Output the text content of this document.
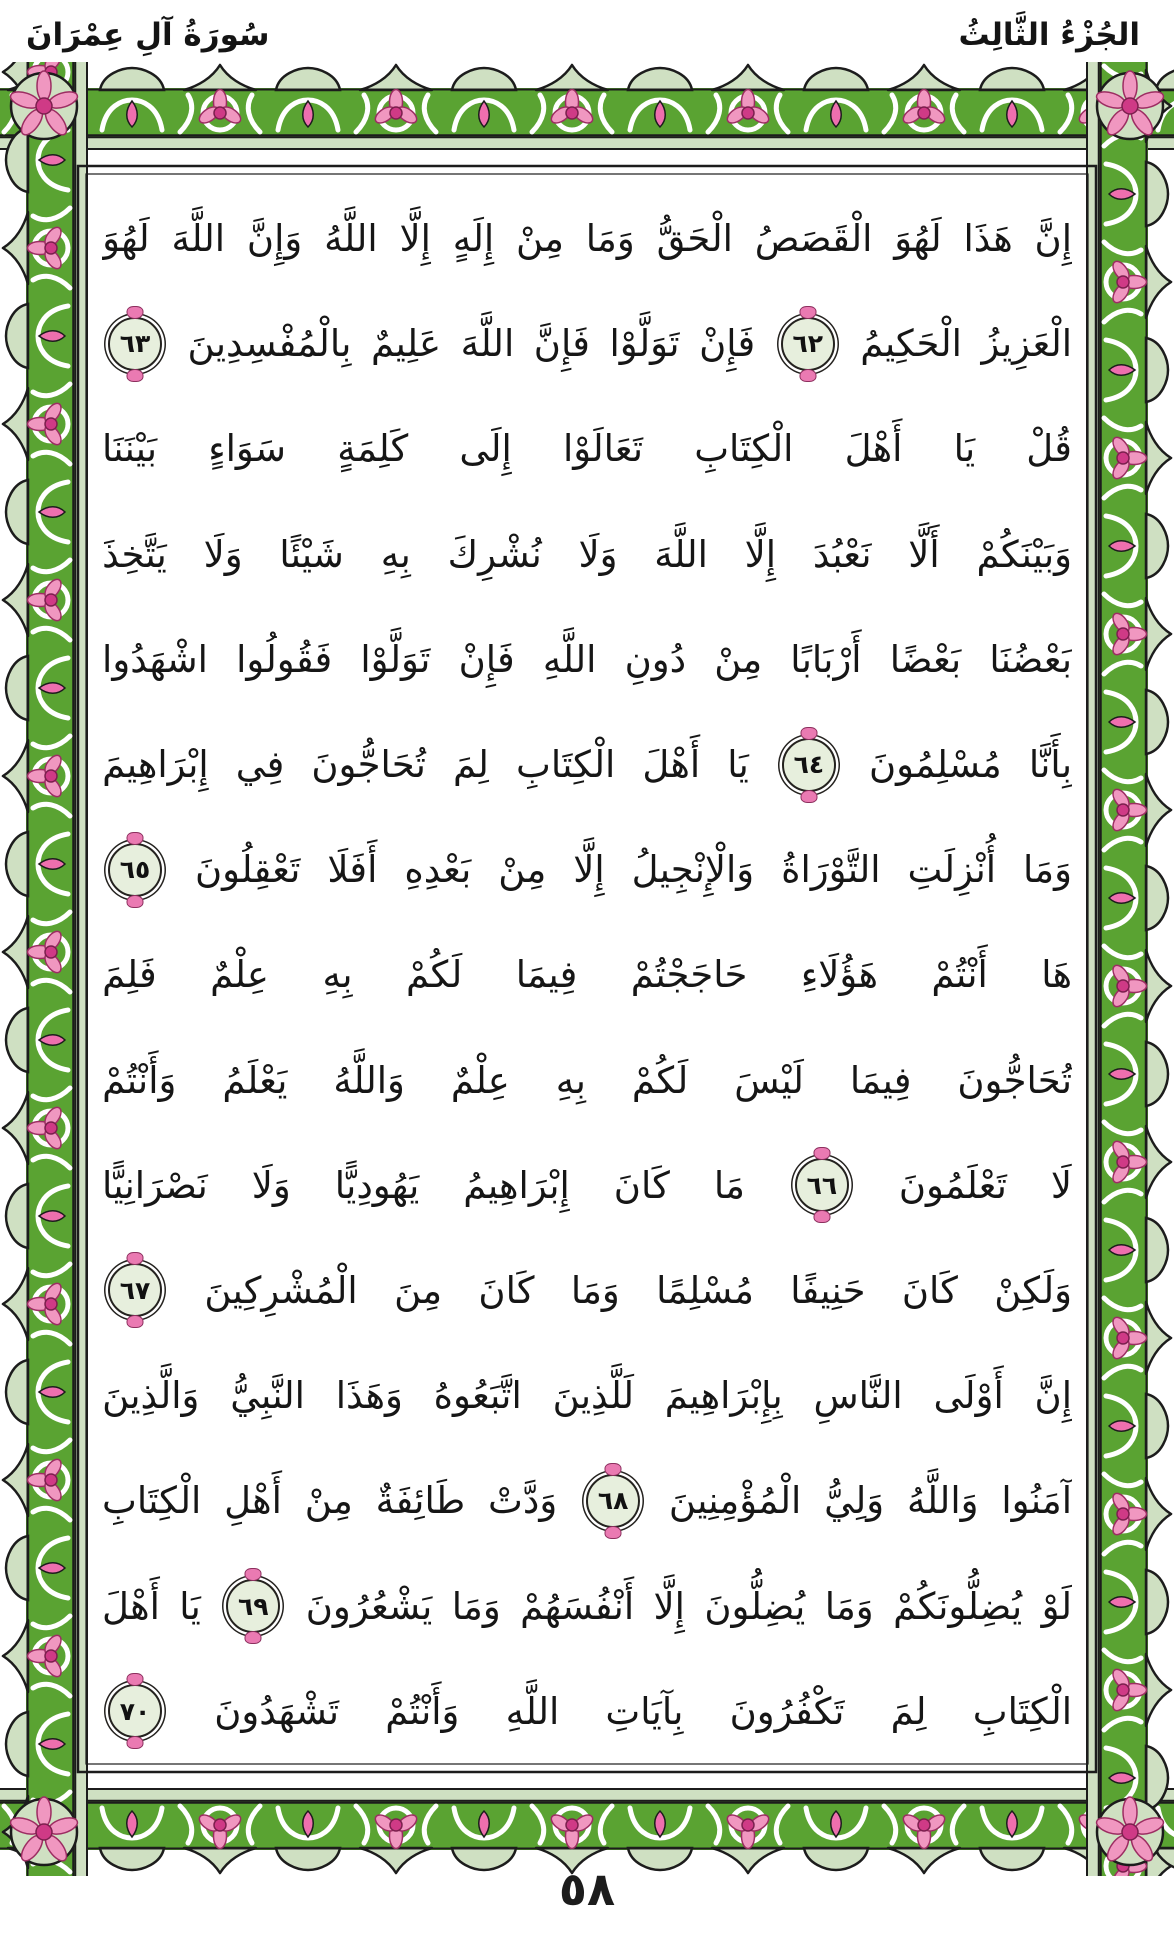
الجُزْءُ الثَّالِثُ
سُورَةُ آلِ عِمْرَانَ
إِنَّ
هَذَا
لَهُوَ
الْقَصَصُ
الْحَقُّ
وَمَا
مِنْ
إِلَهٍ
إِلَّا
اللَّهُ
وَإِنَّ
اللَّهَ
لَهُوَ
الْعَزِيزُ
الْحَكِيمُ
٦٢
فَإِنْ
تَوَلَّوْا
فَإِنَّ
اللَّهَ
عَلِيمٌ
بِالْمُفْسِدِينَ
٦٣
قُلْ
يَا
أَهْلَ
الْكِتَابِ
تَعَالَوْا
إِلَى
كَلِمَةٍ
سَوَاءٍ
بَيْنَنَا
وَبَيْنَكُمْ
أَلَّا
نَعْبُدَ
إِلَّا
اللَّهَ
وَلَا
نُشْرِكَ
بِهِ
شَيْئًا
وَلَا
يَتَّخِذَ
بَعْضُنَا
بَعْضًا
أَرْبَابًا
مِنْ
دُونِ
اللَّهِ
فَإِنْ
تَوَلَّوْا
فَقُولُوا
اشْهَدُوا
بِأَنَّا
مُسْلِمُونَ
٦٤
يَا
أَهْلَ
الْكِتَابِ
لِمَ
تُحَاجُّونَ
فِي
إِبْرَاهِيمَ
وَمَا
أُنْزِلَتِ
التَّوْرَاةُ
وَالْإِنْجِيلُ
إِلَّا
مِنْ
بَعْدِهِ
أَفَلَا
تَعْقِلُونَ
٦٥
هَا
أَنْتُمْ
هَؤُلَاءِ
حَاجَجْتُمْ
فِيمَا
لَكُمْ
بِهِ
عِلْمٌ
فَلِمَ
تُحَاجُّونَ
فِيمَا
لَيْسَ
لَكُمْ
بِهِ
عِلْمٌ
وَاللَّهُ
يَعْلَمُ
وَأَنْتُمْ
لَا
تَعْلَمُونَ
٦٦
مَا
كَانَ
إِبْرَاهِيمُ
يَهُودِيًّا
وَلَا
نَصْرَانِيًّا
وَلَكِنْ
كَانَ
حَنِيفًا
مُسْلِمًا
وَمَا
كَانَ
مِنَ
الْمُشْرِكِينَ
٦٧
إِنَّ
أَوْلَى
النَّاسِ
بِإِبْرَاهِيمَ
لَلَّذِينَ
اتَّبَعُوهُ
وَهَذَا
النَّبِيُّ
وَالَّذِينَ
آمَنُوا
وَاللَّهُ
وَلِيُّ
الْمُؤْمِنِينَ
٦٨
وَدَّتْ
طَائِفَةٌ
مِنْ
أَهْلِ
الْكِتَابِ
لَوْ
يُضِلُّونَكُمْ
وَمَا
يُضِلُّونَ
إِلَّا
أَنْفُسَهُمْ
وَمَا
يَشْعُرُونَ
٦٩
يَا
أَهْلَ
الْكِتَابِ
لِمَ
تَكْفُرُونَ
بِآيَاتِ
اللَّهِ
وَأَنْتُمْ
تَشْهَدُونَ
٧٠
٥٨
